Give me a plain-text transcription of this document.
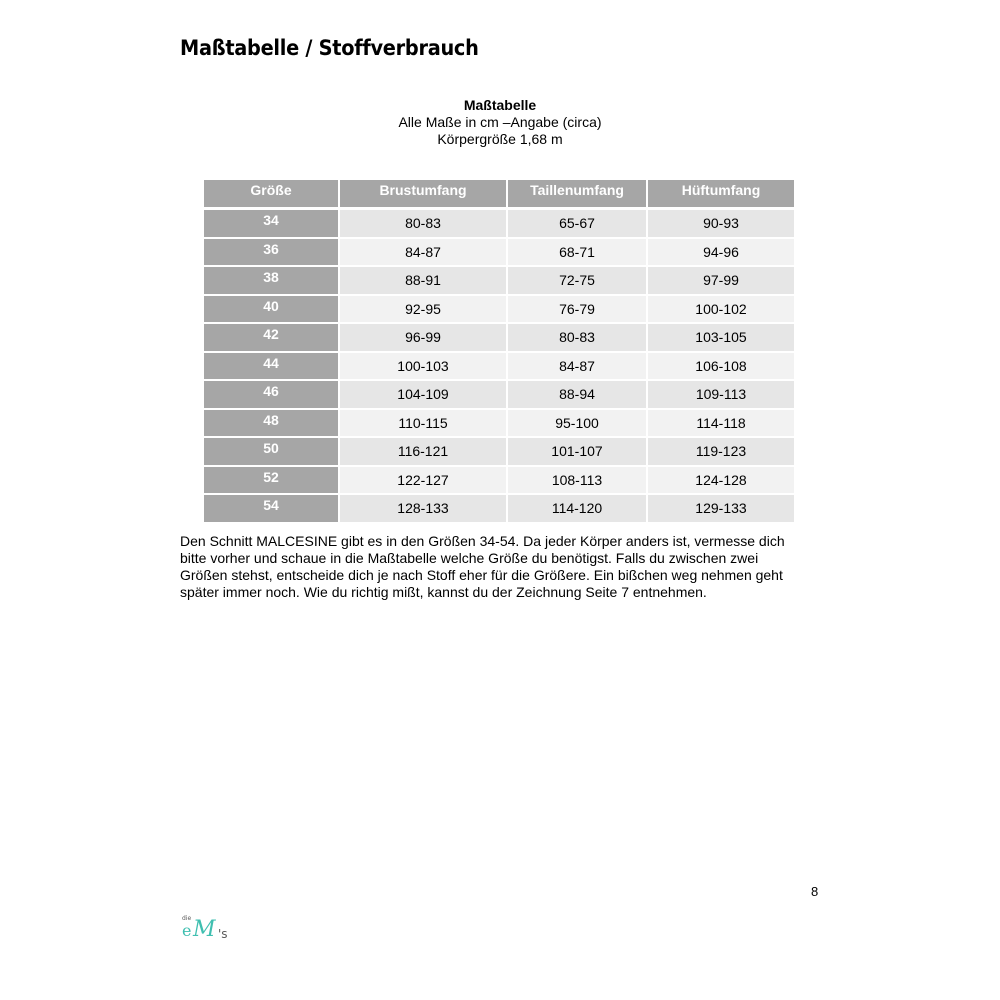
Maßtabelle / Stoffverbrauch
Maßtabelle
Alle Maße in cm –Angabe (circa)
Körpergröße 1,68 m
Größe	Brustumfang	Taillenumfang	Hüftumfang
34	80-83	65-67	90-93
36	84-87	68-71	94-96
38	88-91	72-75	97-99
40	92-95	76-79	100-102
42	96-99	80-83	103-105
44	100-103	84-87	106-108
46	104-109	88-94	109-113
48	110-115	95-100	114-118
50	116-121	101-107	119-123
52	122-127	108-113	124-128
54	128-133	114-120	129-133

Den Schnitt MALCESINE gibt es in den Größen 34-54. Da jeder Körper anders ist, vermesse dich
bitte vorher und schaue in die Maßtabelle welche Größe du benötigst. Falls du zwischen zwei
Größen stehst, entscheide dich je nach Stoff eher für die Größere. Ein bißchen weg nehmen geht
später immer noch. Wie du richtig mißt, kannst du der Zeichnung Seite 7 entnehmen.

8
die
e M 's
